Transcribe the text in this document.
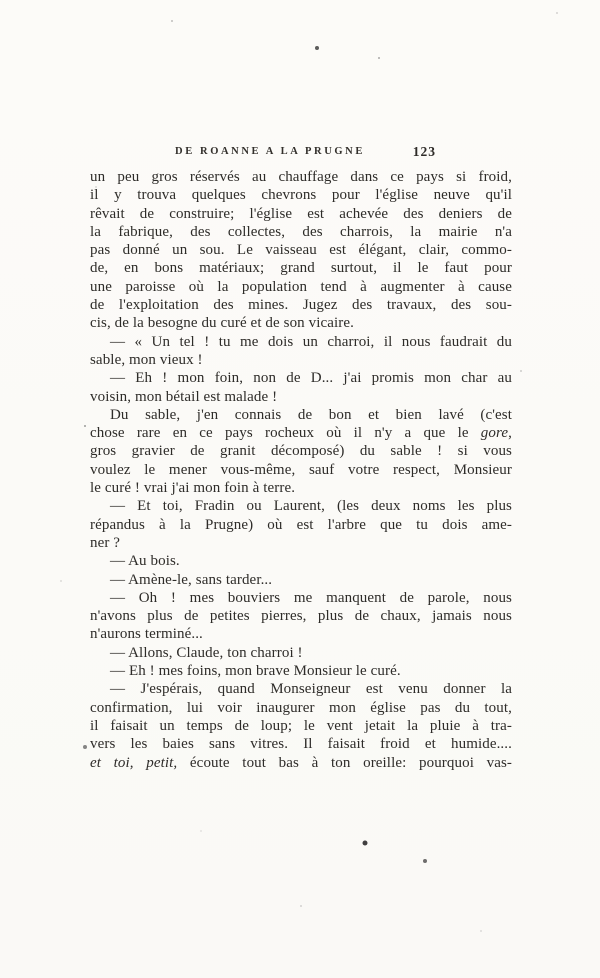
DE ROANNE A LA PRUGNE	123
un peu gros réservés au chauffage dans ce pays si froid,
il y trouva quelques chevrons pour l'église neuve qu'il
rêvait de construire; l'église est achevée des deniers de
la fabrique, des collectes, des charrois, la mairie n'a
pas donné un sou. Le vaisseau est élégant, clair, commo-
de, en bons matériaux; grand surtout, il le faut pour
une paroisse où la population tend à augmenter à cause
de l'exploitation des mines. Jugez des travaux, des sou-
cis, de la besogne du curé et de son vicaire.
— « Un tel ! tu me dois un charroi, il nous faudrait du
sable, mon vieux !
— Eh ! mon foin, non de D... j'ai promis mon char au
voisin, mon bétail est malade !
Du sable, j'en connais de bon et bien lavé (c'est
chose rare en ce pays rocheux où il n'y a que le gore,
gros gravier de granit décomposé) du sable ! si vous
voulez le mener vous-même, sauf votre respect, Monsieur
le curé ! vrai j'ai mon foin à terre.
— Et toi, Fradin ou Laurent, (les deux noms les plus
répandus à la Prugne) où est l'arbre que tu dois ame-
ner ?
— Au bois.
— Amène-le, sans tarder...
— Oh ! mes bouviers me manquent de parole, nous
n'avons plus de petites pierres, plus de chaux, jamais nous
n'aurons terminé...
— Allons, Claude, ton charroi !
— Eh ! mes foins, mon brave Monsieur le curé.
— J'espérais, quand Monseigneur est venu donner la
confirmation, lui voir inaugurer mon église pas du tout,
il faisait un temps de loup; le vent jetait la pluie à tra-
vers les baies sans vitres. Il faisait froid et humide....
et toi, petit, écoute tout bas à ton oreille: pourquoi vas-
